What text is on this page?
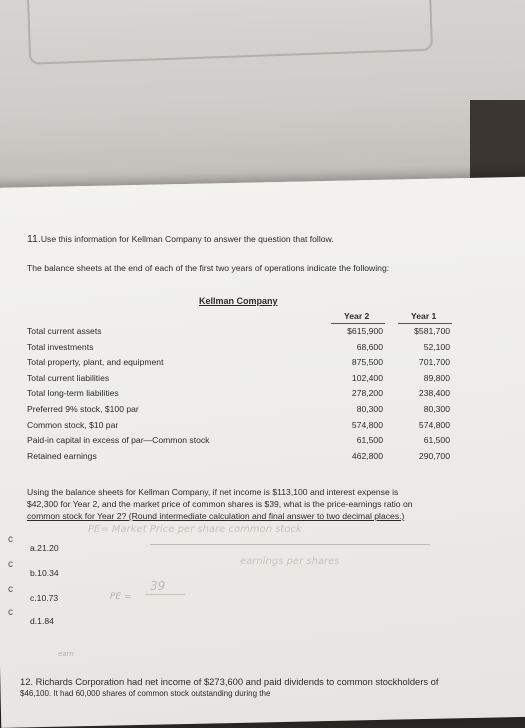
11.Use this information for Kellman Company to answer the question that follow.
The balance sheets at the end of each of the first two years of operations indicate the following:
Kellman Company
Year 2	Year 1
Total current assets	$615,900	$581,700
Total investments	68,600	52,100
Total property, plant, and equipment	875,500	701,700
Total current liabilities	102,400	89,800
Total long-term liabilities	278,200	238,400
Preferred 9% stock, $100 par	80,300	80,300
Common stock, $10 par	574,800	574,800
Paid-in capital in excess of par—Common stock	61,500	61,500
Retained earnings	462,800	290,700
Using the balance sheets for Kellman Company, if net income is $113,100 and interest expense is
$42,300 for Year 2, and the market price of common shares is $39, what is the price-earnings ratio on
common stock for Year 2? (Round intermediate calculation and final answer to two decimal places.)
PE= Market Price per share common stock
earnings per shares
39
PE =
earn
c
a.21.20
c
b.10.34
c
c.10.73
c
d.1.84
12. Richards Corporation had net income of $273,600 and paid dividends to common stockholders of
$46,100. It had 60,000 shares of common stock outstanding during the
